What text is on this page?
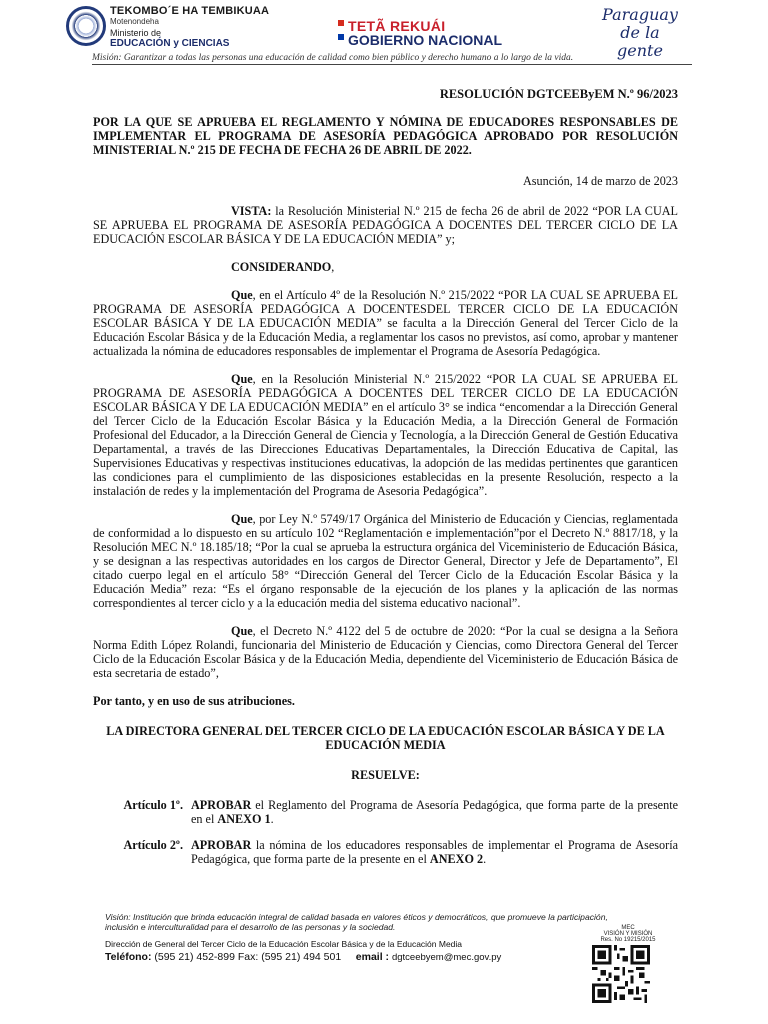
TEKOMBO´E HA TEMBIKUAA
Motenondeha
Ministerio de
EDUCACIÓN y CIENCIAS
TETÃ REKUÁI
GOBIERNO NACIONAL
Paraguay
de la gente
Misión: Garantizar a todas las personas una educación de calidad como bien público y derecho humano a lo largo de la vida.

RESOLUCIÓN DGTCEEByEM N.º 96/2023

POR LA QUE SE APRUEBA EL REGLAMENTO Y NÓMINA DE EDUCADORES RESPONSABLES DE IMPLEMENTAR EL PROGRAMA DE ASESORÍA PEDAGÓGICA APROBADO POR RESOLUCIÓN MINISTERIAL N.º 215 DE FECHA DE FECHA 26 DE ABRIL DE 2022.

Asunción, 14 de marzo de 2023

VISTA: la Resolución Ministerial N.º 215 de fecha 26 de abril de 2022 “POR LA CUAL SE APRUEBA EL PROGRAMA DE ASESORÍA PEDAGÓGICA A DOCENTES DEL TERCER CICLO DE LA EDUCACIÓN ESCOLAR BÁSICA Y DE LA EDUCACIÓN MEDIA” y;

CONSIDERANDO,

Que, en el Artículo 4º de la Resolución N.º 215/2022 “POR LA CUAL SE APRUEBA EL PROGRAMA DE ASESORÍA PEDAGÓGICA A DOCENTESDEL TERCER CICLO DE LA EDUCACIÓN ESCOLAR BÁSICA Y DE LA EDUCACIÓN MEDIA” se faculta a la Dirección General del Tercer Ciclo de la Educación Escolar Básica y de la Educación Media, a reglamentar los casos no previstos, así como, aprobar y mantener actualizada la nómina de educadores responsables de implementar el Programa de Asesoría Pedagógica.

Que, en la Resolución Ministerial N.º 215/2022 “POR LA CUAL SE APRUEBA EL PROGRAMA DE ASESORÍA PEDAGÓGICA A DOCENTES DEL TERCER CICLO DE LA EDUCACIÓN ESCOLAR BÁSICA Y DE LA EDUCACIÓN MEDIA” en el artículo 3° se indica “encomendar a la Dirección General del Tercer Ciclo de la Educación Escolar Básica y la Educación Media, a la Dirección General de Formación Profesional del Educador, a la Dirección General de Ciencia y Tecnología, a la Dirección General de Gestión Educativa Departamental, a través de las Direcciones Educativas Departamentales, la Dirección Educativa de Capital, las Supervisiones Educativas y respectivas instituciones educativas, la adopción de las medidas pertinentes que garanticen las condiciones para el cumplimiento de las disposiciones establecidas en la presente Resolución, respecto a la instalación de redes y la implementación del Programa de Asesoria Pedagógica”.

Que, por Ley N.º 5749/17 Orgánica del Ministerio de Educación y Ciencias, reglamentada de conformidad a lo dispuesto en su artículo 102 “Reglamentación e implementación”por el Decreto N.º 8817/18, y la Resolución MEC N.º 18.185/18; “Por la cual se aprueba la estructura orgánica del Viceministerio de Educación Básica, y se designan a las respectivas autoridades en los cargos de Director General, Director y Jefe de Departamento”, El citado cuerpo legal en el artículo 58° “Dirección General del Tercer Ciclo de la Educación Escolar Básica y la Educación Media” reza: “Es el órgano responsable de la ejecución de los planes y la aplicación de las normas correspondientes al tercer ciclo y a la educación media del sistema educativo nacional”.

Que, el Decreto N.º 4122 del 5 de octubre de 2020: “Por la cual se designa a la Señora Norma Edith López Rolandi, funcionaria del Ministerio de Educación y Ciencias, como Directora General del Tercer Ciclo de la Educación Escolar Básica y de la Educación Media, dependiente del Viceministerio de Educación Básica de esta secretaria de estado”,

Por tanto, y en uso de sus atribuciones.

LA DIRECTORA GENERAL DEL TERCER CICLO DE LA EDUCACIÓN ESCOLAR BÁSICA Y DE LA EDUCACIÓN MEDIA

RESUELVE:

Artículo 1º. APROBAR el Reglamento del Programa de Asesoría Pedagógica, que forma parte de la presente en el ANEXO 1.
Artículo 2º. APROBAR la nómina de los educadores responsables de implementar el Programa de Asesoría Pedagógica, que forma parte de la presente en el ANEXO 2.
Visión: Institución que brinda educación integral de calidad basada en valores éticos y democráticos, que promueve la participación, inclusión e interculturalidad para el desarrollo de las personas y la sociedad.
Dirección de General del Tercer Ciclo de la Educación Escolar Básica y de la Educación Media
Teléfono: (595 21) 452-899 Fax: (595 21) 494 501 email : dgtceebyem@mec.gov.py
MEC
VISIÓN Y MISIÓN
Res. No 19215/2015
